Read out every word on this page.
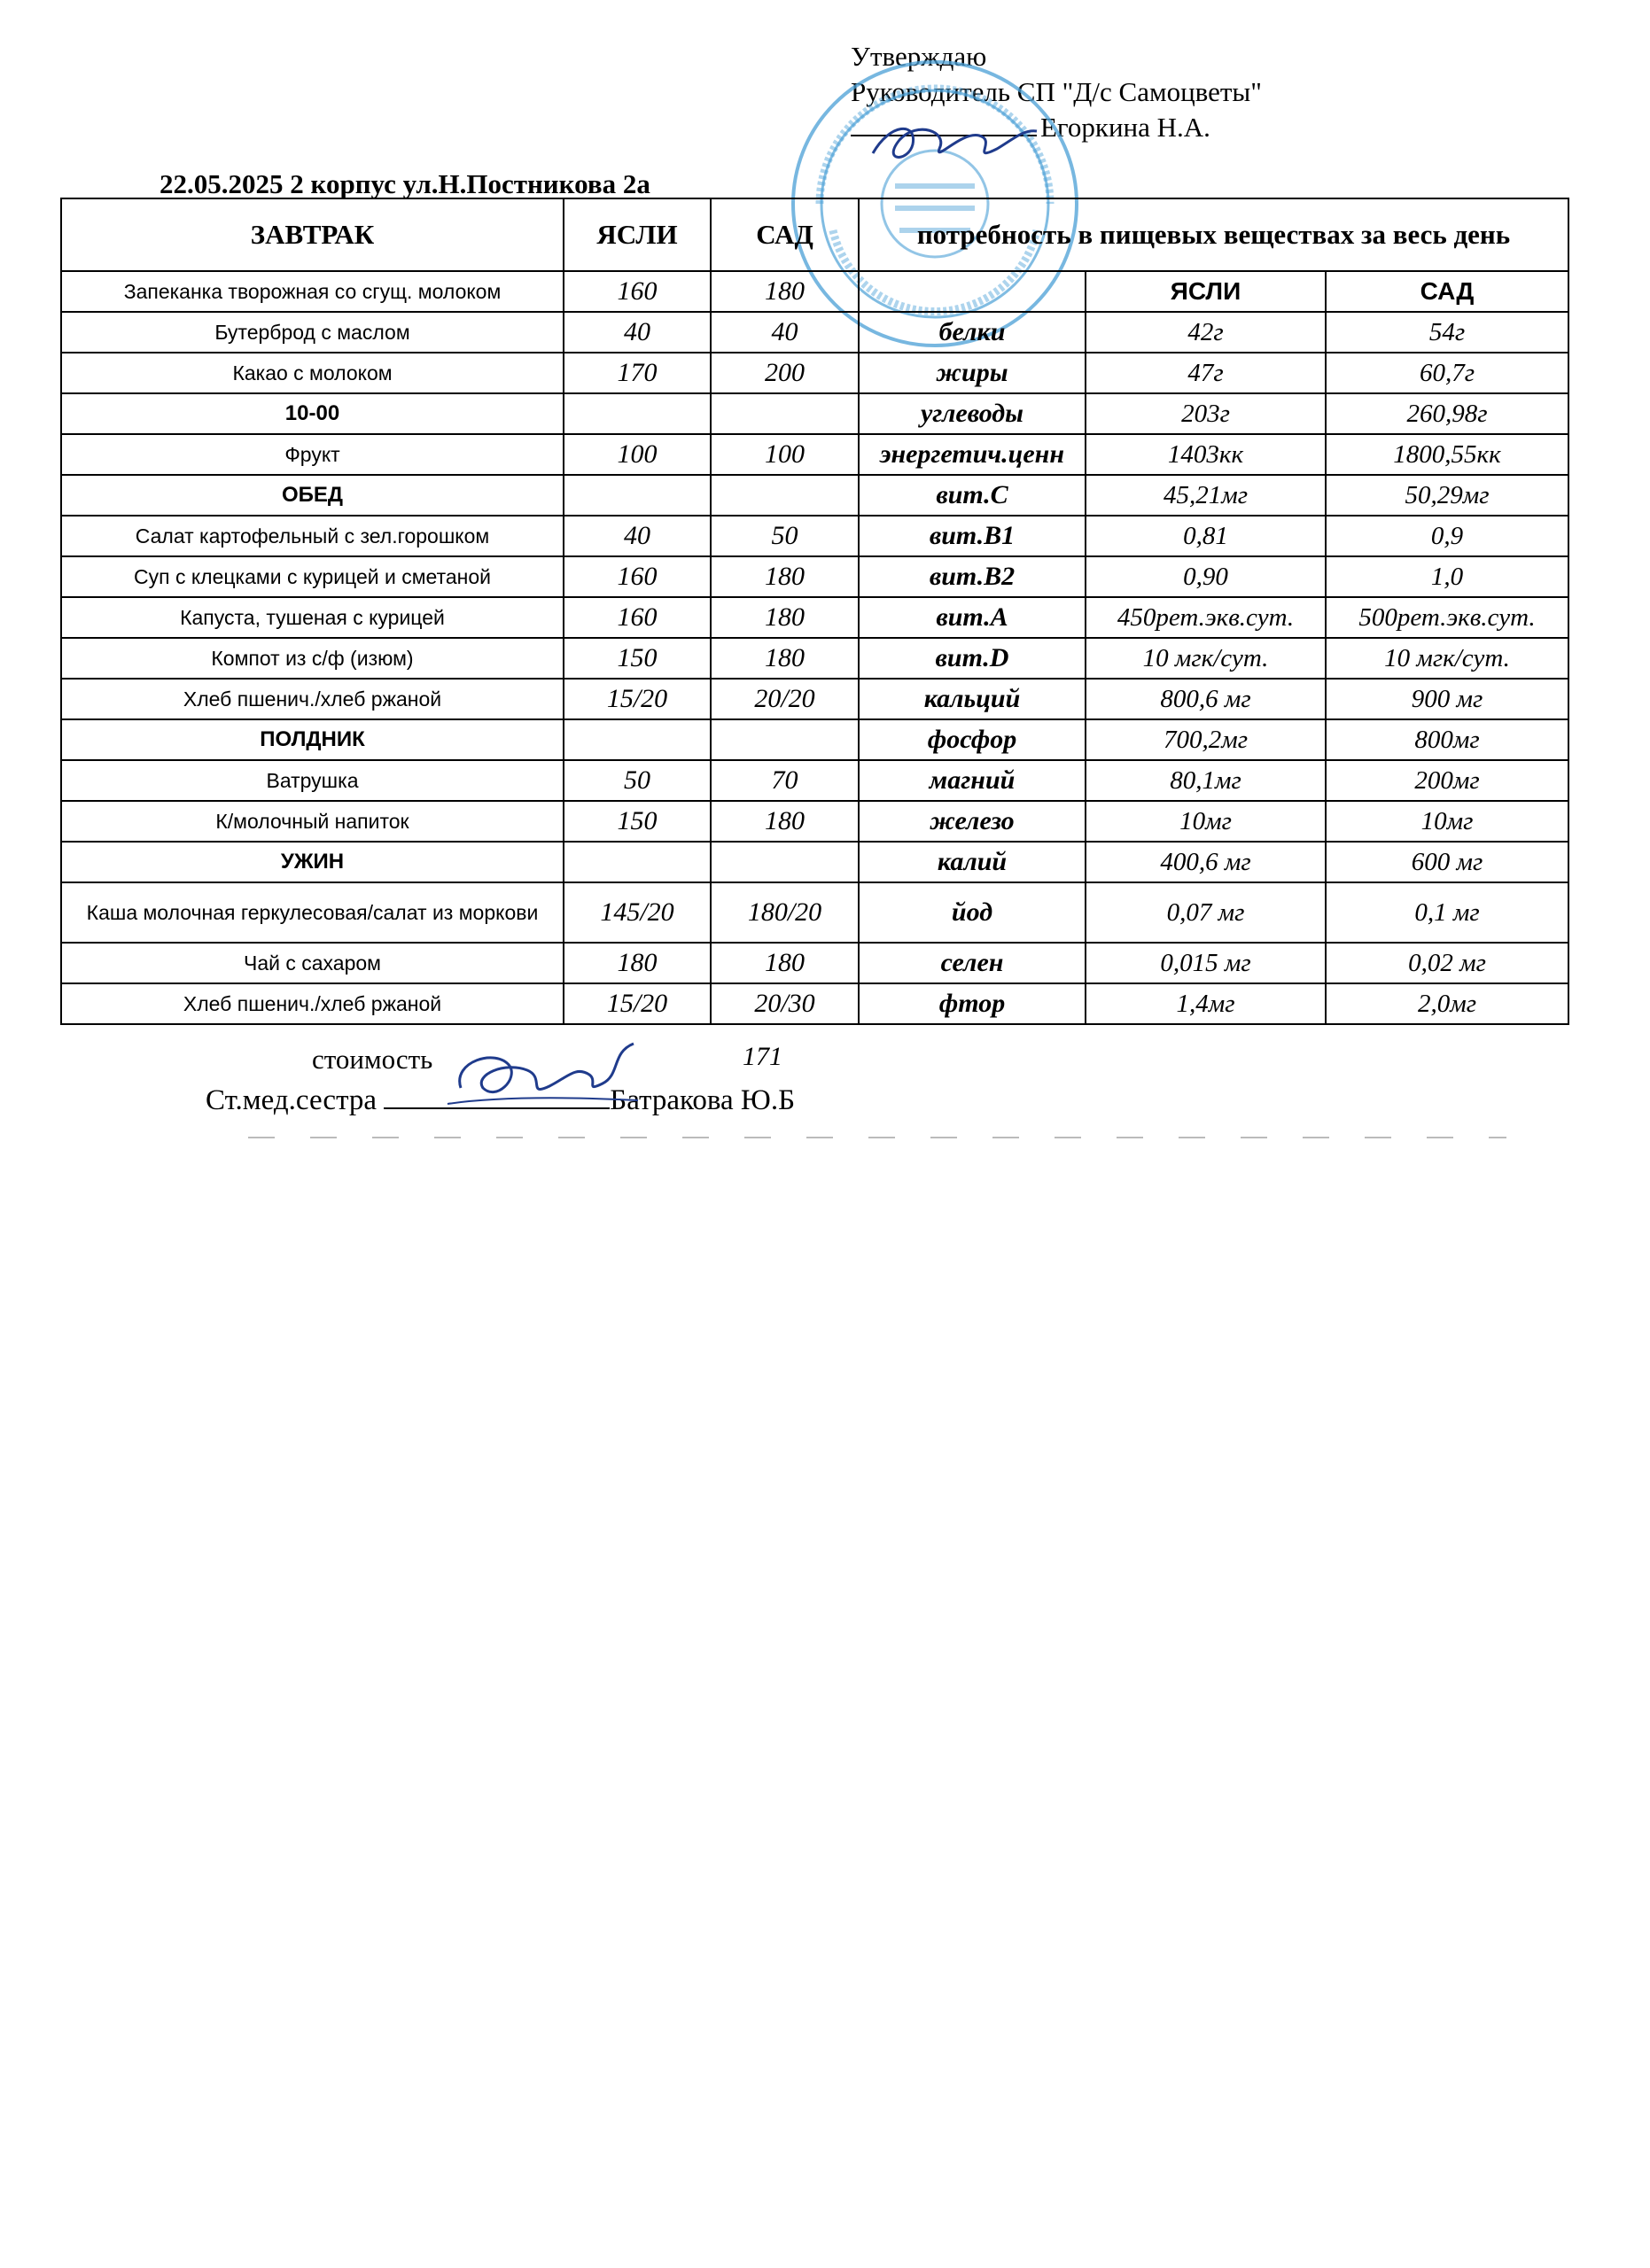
Утверждаю
Руководитель СП "Д/с Самоцветы"
Егоркина Н.А.
22.05.2025 2 корпус ул.Н.Постникова 2а
ЗАВТРАК	ЯСЛИ	САД	потребность в пищевых веществах за весь день		
Запеканка творожная со сгущ. молоком	160	180		ЯСЛИ	САД
Бутерброд с маслом	40	40	белки	42г	54г
Какао с молоком	170	200	жиры	47г	60,7г
10-00			углеводы	203г	260,98г
Фрукт	100	100	энергетич.ценн	1403кк	1800,55кк
ОБЕД			вит.С	45,21мг	50,29мг
Салат картофельный с зел.горошком	40	50	вит.В1	0,81	0,9
Суп с клецками с курицей и сметаной	160	180	вит.В2	0,90	1,0
Капуста, тушеная с курицей	160	180	вит.А	450рет.экв.сут.	500рет.экв.сут.
Компот из с/ф (изюм)	150	180	вит.D	10 мгк/сут.	10 мгк/сут.
Хлеб пшенич./хлеб ржаной	15/20	20/20	кальций	800,6 мг	900 мг
ПОЛДНИК			фосфор	700,2мг	800мг
Ватрушка	50	70	магний	80,1мг	200мг
К/молочный напиток	150	180	железо	10мг	10мг
УЖИН			калий	400,6 мг	600 мг
Каша молочная геркулесовая/салат из моркови	145/20	180/20	йод	0,07 мг	0,1 мг
Чай с сахаром	180	180	селен	0,015 мг	0,02 мг
Хлеб пшенич./хлеб ржаной	15/20	20/30	фтор	1,4мг	2,0мг
стоимость	171
Ст.мед.сестра	Батракова Ю.Б
